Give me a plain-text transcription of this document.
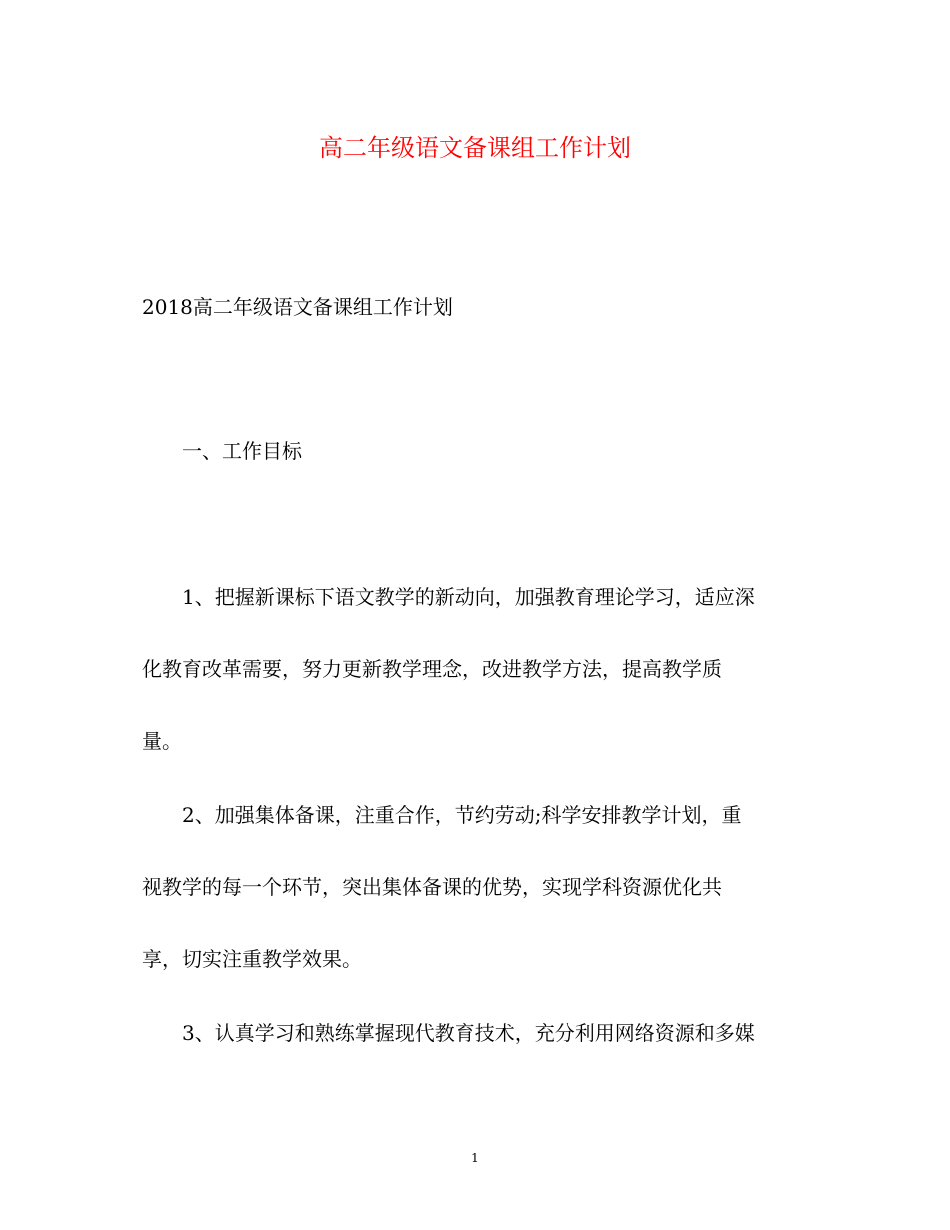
高二年级语文备课组工作计划

2018高二年级语文备课组工作计划

一、工作目标

1、把握新课标下语文教学的新动向，加强教育理论学习，适应深
化教育改革需要，努力更新教学理念，改进教学方法，提高教学质
量。
2、加强集体备课，注重合作，节约劳动;科学安排教学计划，重
视教学的每一个环节，突出集体备课的优势，实现学科资源优化共
享，切实注重教学效果。
3、认真学习和熟练掌握现代教育技术，充分利用网络资源和多媒
1
